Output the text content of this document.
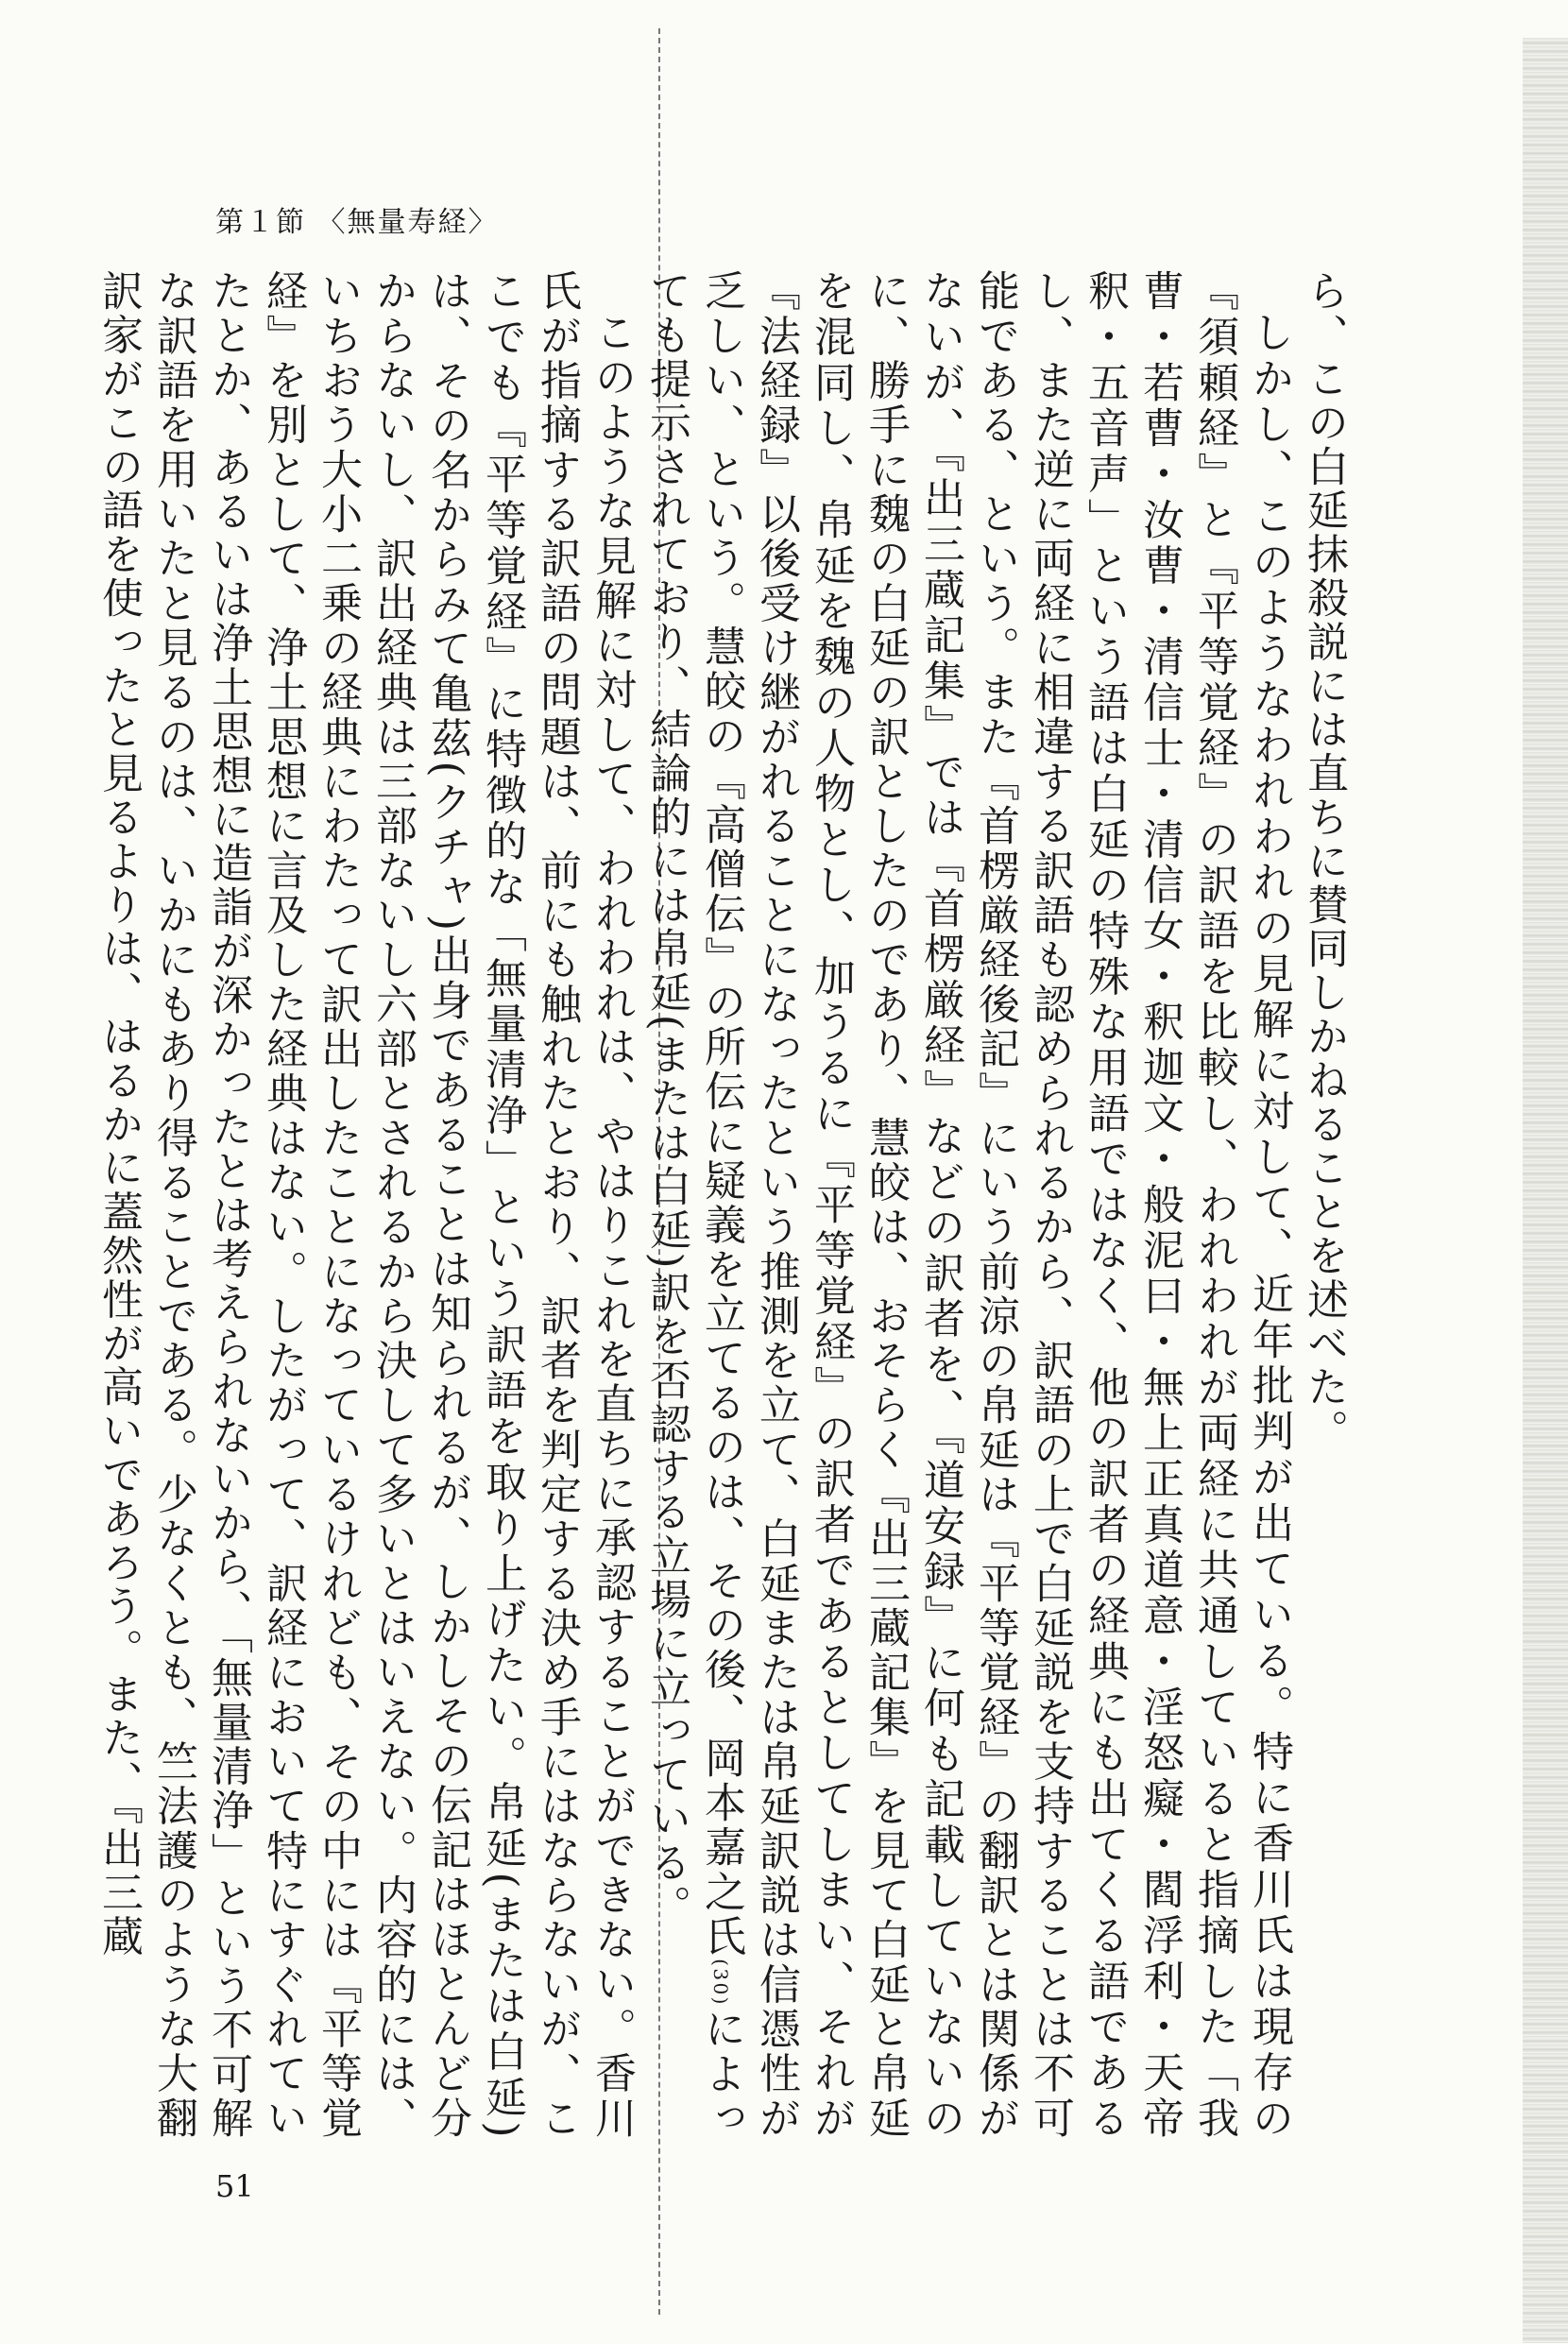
第１節 〈無量寿経〉

ら、この白延抹殺説には直ちに賛同しかねることを述べた。

しかし、このようなわれわれの見解に対して、近年批判が出ている。特に香川氏は現存の『須頼経』と『平等覚経』の訳語を比較し、われわれが両経に共通していると指摘した「我曹・若曹・汝曹・清信士・清信女・釈迦文・般泥曰・無上正真道意・淫怒癡・閻浮利・天帝釈・五音声」という語は白延の特殊な用語ではなく、他の訳者の経典にも出てくる語であるし、また逆に両経に相違する訳語も認められるから、訳語の上で白延説を支持することは不可能である、という。また『首楞厳経後記』にいう前涼の帛延は『平等覚経』の翻訳とは関係がないが、『出三蔵記集』では『首楞厳経』などの訳者を、『道安録』に何も記載していないのに、勝手に魏の白延の訳としたのであり、慧皎は、おそらく『出三蔵記集』を見て白延と帛延を混同し、帛延を魏の人物とし、加うるに『平等覚経』の訳者であるとしてしまい、それが『法経録』以後受け継がれることになったという推測を立て、白延または帛延訳説は信憑性が乏しい、という。慧皎の『高僧伝』の所伝に疑義を立てるのは、その後、岡本嘉之氏$^{(30)}$によっても提示されており、結論的には帛延(または白延)訳を否認する立場に立っている。

このような見解に対して、われわれは、やはりこれを直ちに承認することができない。香川氏が指摘する訳語の問題は、前にも触れたとおり、訳者を判定する決め手にはならないが、ここでも『平等覚経』に特徴的な「無量清浄」という訳語を取り上げたい。帛延(または白延)は、その名からみて亀茲(クチャ)出身であることは知られるが、しかしその伝記はほとんど分からないし、訳出経典は三部ないし六部とされるから決して多いとはいえない。内容的には、いちおう大小二乗の経典にわたって訳出したことになっているけれども、その中には『平等覚経』を別として、浄土思想に言及した経典はない。したがって、訳経において特にすぐれていたとか、あるいは浄土思想に造詣が深かったとは考えられないから、「無量清浄」という不可解な訳語を用いたと見るのは、いかにもあり得ることである。少なくとも、竺法護のような大翻訳家がこの語を使ったと見るよりは、はるかに蓋然性が高いであろう。また、『出三蔵

51
